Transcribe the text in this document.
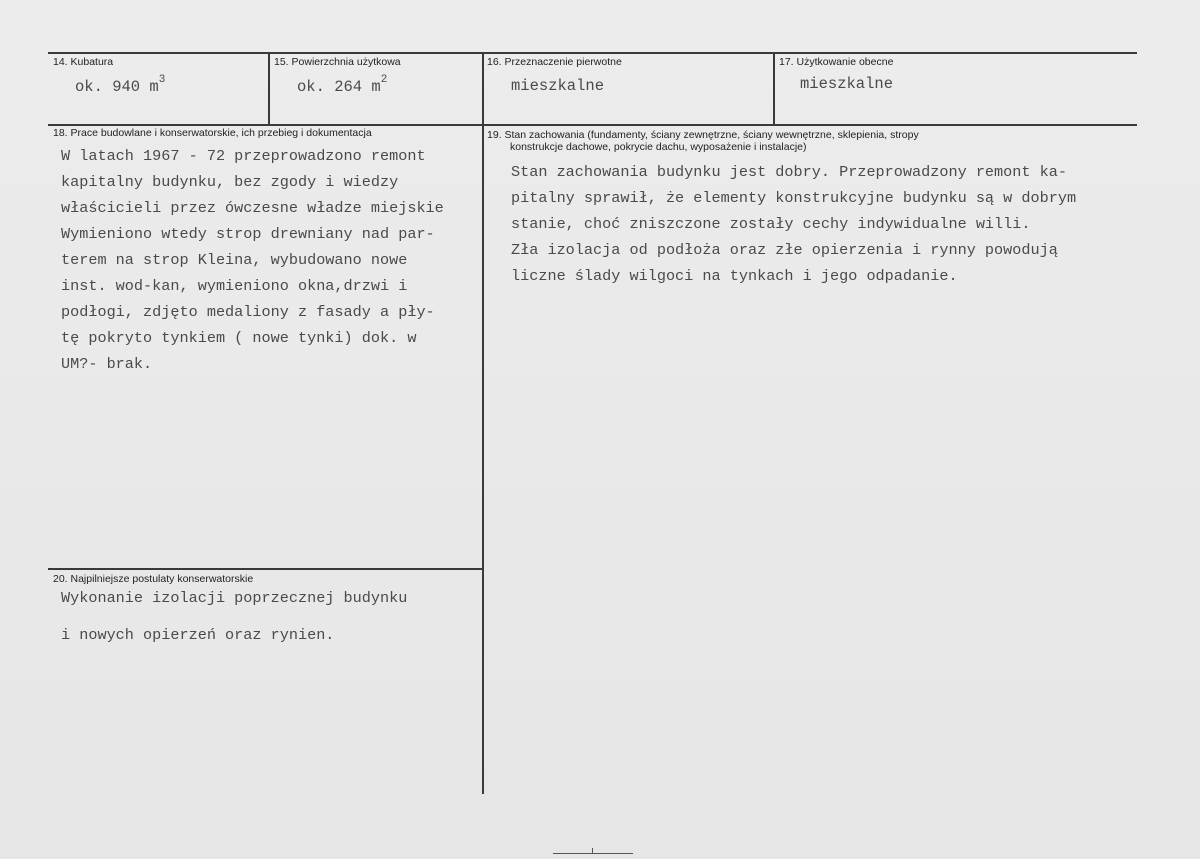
14. Kubatura
ok. 940 $m^3$
15. Powierzchnia użytkowa
ok. 264 $m^2$
16. Przeznaczenie pierwotne
mieszkalne
17. Użytkowanie obecne
mieszkalne
18. Prace budowlane i konserwatorskie, ich przebieg i dokumentacja
W latach 1967 - 72 przeprowadzono remont
kapitalny budynku, bez zgody i wiedzy
właścicieli przez ówczesne władze miejskie
Wymieniono wtedy strop drewniany nad par-
terem na strop Kleina, wybudowano nowe
inst. wod-kan, wymieniono okna,drzwi i
podłogi, zdjęto medaliony z fasady a pły-
tę pokryto tynkiem ( nowe tynki) dok. w
UM?- brak.
19. Stan zachowania (fundamenty, ściany zewnętrzne, ściany wewnętrzne, sklepienia, stropy
konstrukcje dachowe, pokrycie dachu, wyposażenie i instalacje)
Stan zachowania budynku jest dobry. Przeprowadzony remont ka-
pitalny sprawił, że elementy konstrukcyjne budynku są w dobrym
stanie, choć zniszczone zostały cechy indywidualne willi.
Zła izolacja od podłoża oraz złe opierzenia i rynny powodują
liczne ślady wilgoci na tynkach i jego odpadanie.
20. Najpilniejsze postulaty konserwatorskie
Wykonanie izolacji poprzecznej budynku
i nowych opierzeń oraz rynien.
